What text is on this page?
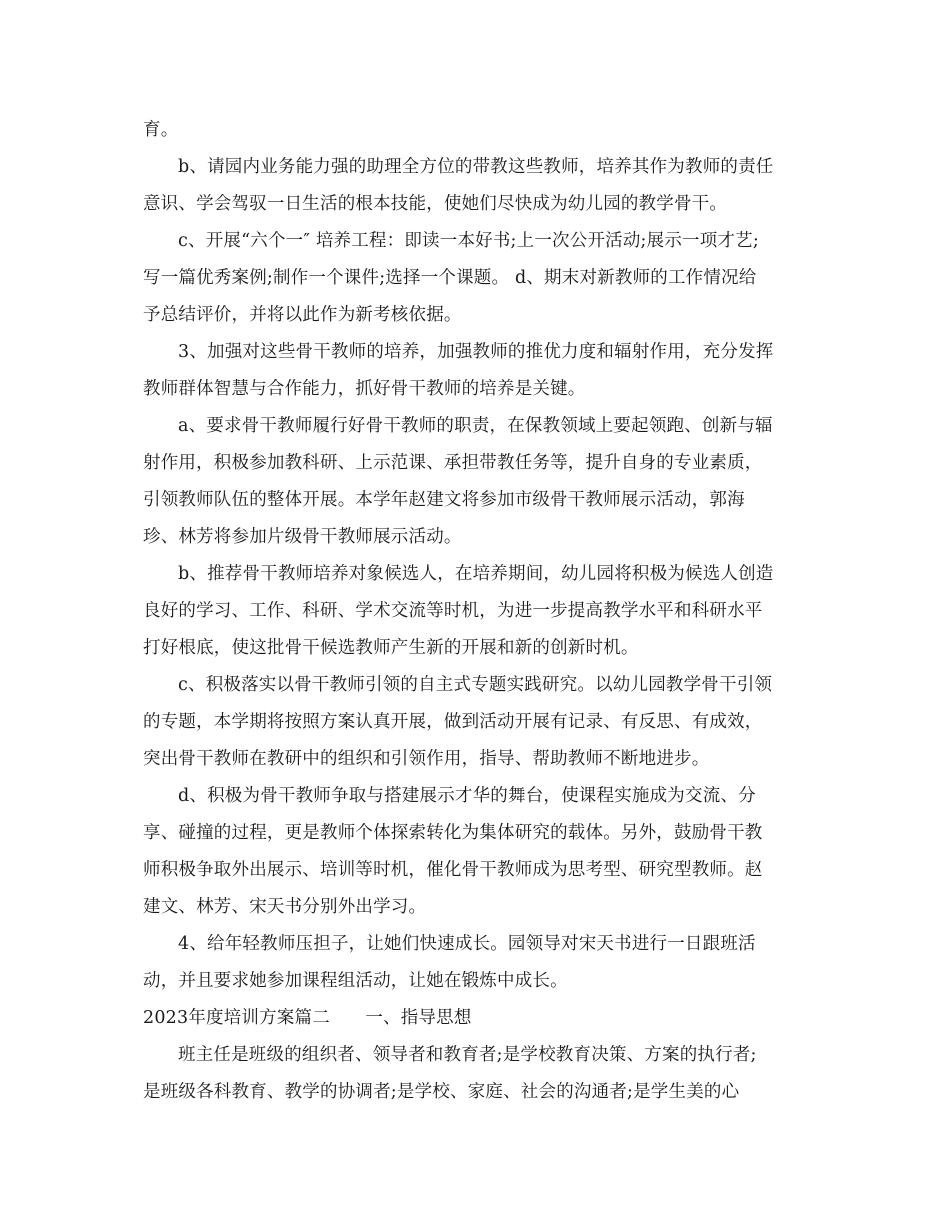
育。
b、请园内业务能力强的助理全方位的带教这些教师，培养其作为教师的责任
意识、学会驾驭一日生活的根本技能，使她们尽快成为幼儿园的教学骨干。
c、开展“六个一″ 培养工程：即读一本好书;上一次公开活动;展示一项才艺;
写一篇优秀案例;制作一个课件;选择一个课题。 d、期末对新教师的工作情况给
予总结评价，并将以此作为新考核依据。
3、加强对这些骨干教师的培养，加强教师的推优力度和辐射作用，充分发挥
教师群体智慧与合作能力，抓好骨干教师的培养是关键。
a、要求骨干教师履行好骨干教师的职责，在保教领域上要起领跑、创新与辐
射作用，积极参加教科研、上示范课、承担带教任务等，提升自身的专业素质，
引领教师队伍的整体开展。本学年赵建文将参加市级骨干教师展示活动，郭海
珍、林芳将参加片级骨干教师展示活动。
b、推荐骨干教师培养对象候选人，在培养期间，幼儿园将积极为候选人创造
良好的学习、工作、科研、学术交流等时机，为进一步提高教学水平和科研水平
打好根底，使这批骨干候选教师产生新的开展和新的创新时机。
c、积极落实以骨干教师引领的自主式专题实践研究。以幼儿园教学骨干引领
的专题，本学期将按照方案认真开展，做到活动开展有记录、有反思、有成效，
突出骨干教师在教研中的组织和引领作用，指导、帮助教师不断地进步。
d、积极为骨干教师争取与搭建展示才华的舞台，使课程实施成为交流、分
享、碰撞的过程，更是教师个体探索转化为集体研究的载体。另外，鼓励骨干教
师积极争取外出展示、培训等时机，催化骨干教师成为思考型、研究型教师。赵
建文、林芳、宋天书分别外出学习。
4、给年轻教师压担子，让她们快速成长。园领导对宋天书进行一日跟班活
动，并且要求她参加课程组活动，让她在锻炼中成长。
2023年度培训方案篇二　　一、指导思想
班主任是班级的组织者、领导者和教育者;是学校教育决策、方案的执行者;
是班级各科教育、教学的协调者;是学校、家庭、社会的沟通者;是学生美的心
